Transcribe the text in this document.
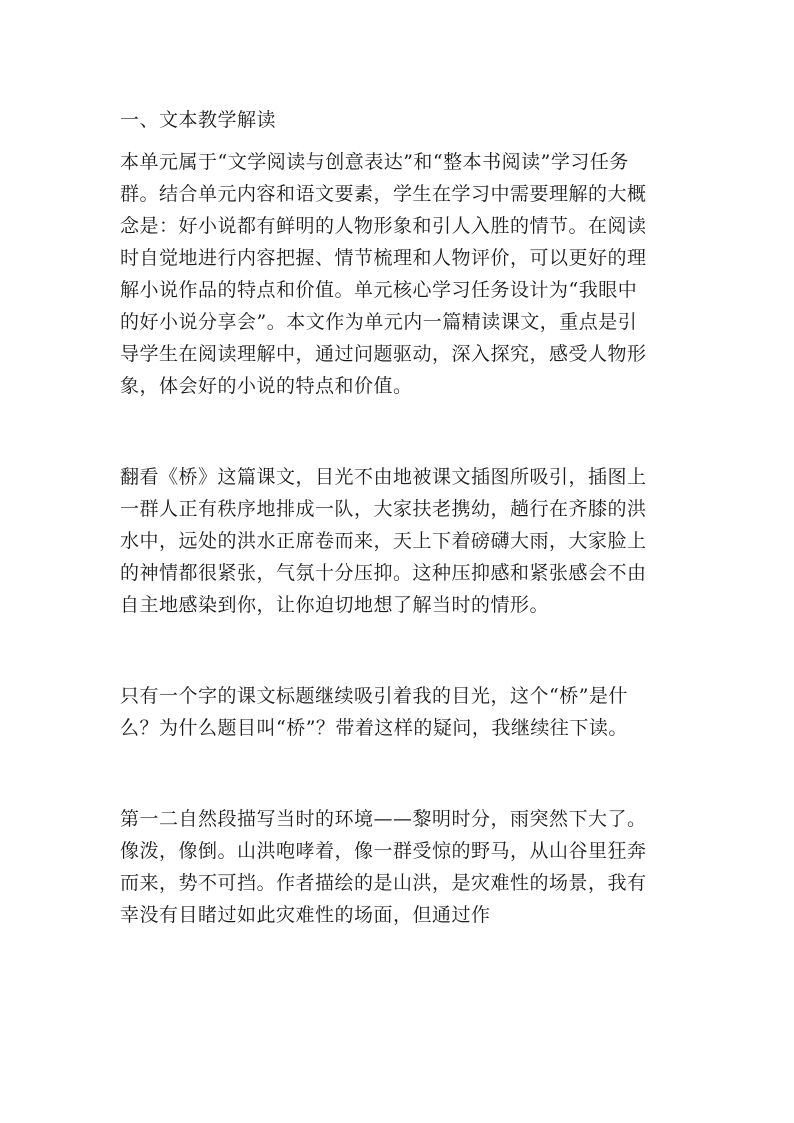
一、文本教学解读

本单元属于“文学阅读与创意表达”和“整本书阅读”学习任务群。结合单元内容和语文要素，学生在学习中需要理解的大概念是：好小说都有鲜明的人物形象和引人入胜的情节。在阅读时自觉地进行内容把握、情节梳理和人物评价，可以更好的理解小说作品的特点和价值。单元核心学习任务设计为“我眼中的好小说分享会”。本文作为单元内一篇精读课文，重点是引导学生在阅读理解中，通过问题驱动，深入探究，感受人物形象，体会好的小说的特点和价值。

翻看《桥》这篇课文，目光不由地被课文插图所吸引，插图上一群人正有秩序地排成一队，大家扶老携幼，趟行在齐膝的洪水中，远处的洪水正席卷而来，天上下着磅礴大雨，大家脸上的神情都很紧张，气氛十分压抑。这种压抑感和紧张感会不由自主地感染到你，让你迫切地想了解当时的情形。

只有一个字的课文标题继续吸引着我的目光，这个“桥”是什么？为什么题目叫“桥”？带着这样的疑问，我继续往下读。

第一二自然段描写当时的环境——黎明时分，雨突然下大了。像泼，像倒。山洪咆哮着，像一群受惊的野马，从山谷里狂奔而来，势不可挡。作者描绘的是山洪，是灾难性的场景，我有幸没有目睹过如此灾难性的场面，但通过作
